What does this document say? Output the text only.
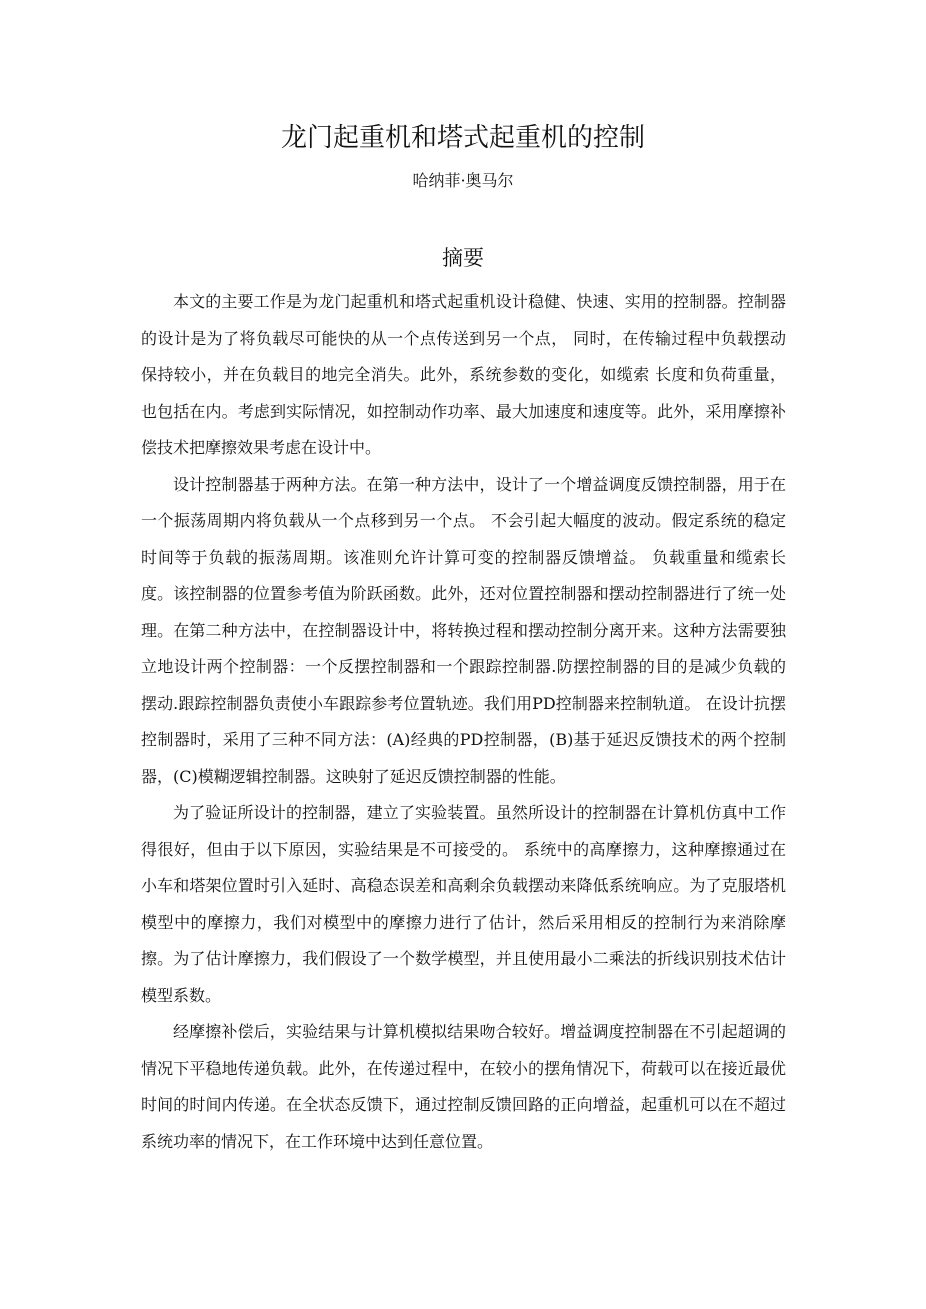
龙门起重机和塔式起重机的控制
哈纳菲·奥马尔
摘要

本文的主要工作是为龙门起重机和塔式起重机设计稳健、快速、实用的控制器。控制器的设计是为了将负载尽可能快的从一个点传送到另一个点， 同时，在传输过程中负载摆动保持较小，并在负载目的地完全消失。此外，系统参数的变化，如缆索 长度和负荷重量，也包括在内。考虑到实际情况，如控制动作功率、最大加速度和速度等。此外，采用摩擦补偿技术把摩擦效果考虑在设计中。

设计控制器基于两种方法。在第一种方法中，设计了一个增益调度反馈控制器，用于在一个振荡周期内将负载从一个点移到另一个点。 不会引起大幅度的波动。假定系统的稳定时间等于负载的振荡周期。该准则允许计算可变的控制器反馈增益。 负载重量和缆索长度。该控制器的位置参考值为阶跃函数。此外，还对位置控制器和摆动控制器进行了统一处理。在第二种方法中，在控制器设计中，将转换过程和摆动控制分离开来。这种方法需要独立地设计两个控制器：一个反摆控制器和一个跟踪控制器.防摆控制器的目的是减少负载的摆动.跟踪控制器负责使小车跟踪参考位置轨迹。我们用PD控制器来控制轨道。 在设计抗摆控制器时，采用了三种不同方法：(A)经典的PD控制器，(B)基于延迟反馈技术的两个控制器，(C)模糊逻辑控制器。这映射了延迟反馈控制器的性能。

为了验证所设计的控制器，建立了实验装置。虽然所设计的控制器在计算机仿真中工作得很好，但由于以下原因，实验结果是不可接受的。 系统中的高摩擦力，这种摩擦通过在小车和塔架位置时引入延时、高稳态误差和高剩余负载摆动来降低系统响应。为了克服塔机模型中的摩擦力，我们对模型中的摩擦力进行了估计，然后采用相反的控制行为来消除摩擦。为了估计摩擦力，我们假设了一个数学模型，并且使用最小二乘法的折线识别技术估计模型系数。

经摩擦补偿后，实验结果与计算机模拟结果吻合较好。增益调度控制器在不引起超调的情况下平稳地传递负载。此外，在传递过程中，在较小的摆角情况下，荷载可以在接近最优时间的时间内传递。在全状态反馈下，通过控制反馈回路的正向增益，起重机可以在不超过系统功率的情况下，在工作环境中达到任意位置。
